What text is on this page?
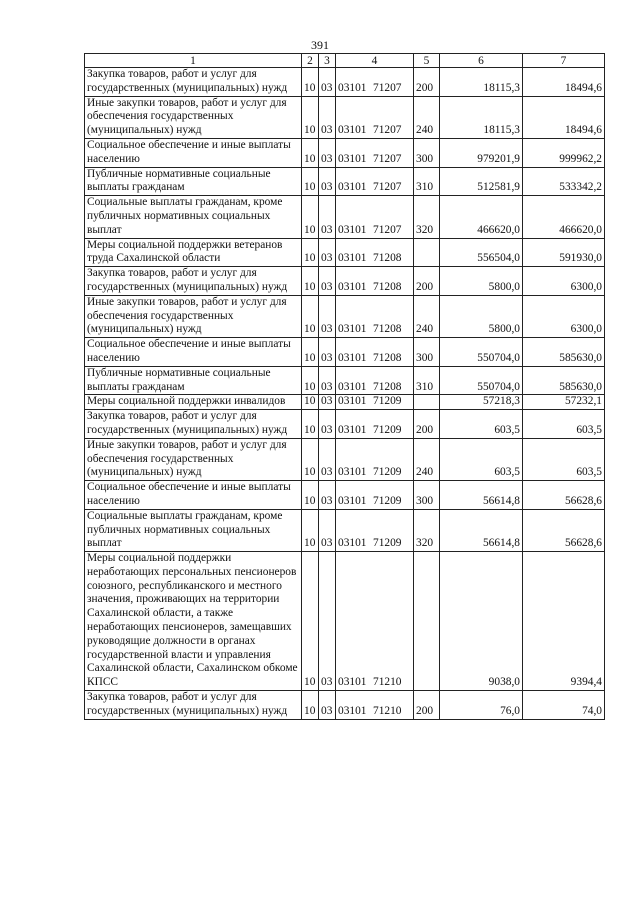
391
1	2	3	4	5	6	7
Закупка товаров, работ и услуг для государственных (муниципальных) нужд	10	03	03101 71207	200	18115,3	18494,6
Иные закупки товаров, работ и услуг для обеспечения государственных (муниципальных) нужд	10	03	03101 71207	240	18115,3	18494,6
Социальное обеспечение и иные выплаты населению	10	03	03101 71207	300	979201,9	999962,2
Публичные нормативные социальные выплаты гражданам	10	03	03101 71207	310	512581,9	533342,2
Социальные выплаты гражданам, кроме публичных нормативных социальных выплат	10	03	03101 71207	320	466620,0	466620,0
Меры социальной поддержки ветеранов труда Сахалинской области	10	03	03101 71208		556504,0	591930,0
Закупка товаров, работ и услуг для государственных (муниципальных) нужд	10	03	03101 71208	200	5800,0	6300,0
Иные закупки товаров, работ и услуг для обеспечения государственных (муниципальных) нужд	10	03	03101 71208	240	5800,0	6300,0
Социальное обеспечение и иные выплаты населению	10	03	03101 71208	300	550704,0	585630,0
Публичные нормативные социальные выплаты гражданам	10	03	03101 71208	310	550704,0	585630,0
Меры социальной поддержки инвалидов	10	03	03101 71209		57218,3	57232,1
Закупка товаров, работ и услуг для государственных (муниципальных) нужд	10	03	03101 71209	200	603,5	603,5
Иные закупки товаров, работ и услуг для обеспечения государственных (муниципальных) нужд	10	03	03101 71209	240	603,5	603,5
Социальное обеспечение и иные выплаты населению	10	03	03101 71209	300	56614,8	56628,6
Социальные выплаты гражданам, кроме публичных нормативных социальных выплат	10	03	03101 71209	320	56614,8	56628,6
Меры социальной поддержки неработающих персональных пенсионеров союзного, республиканского и местного значения, проживающих на территории Сахалинской области, а также неработающих пенсионеров, замещавших руководящие должности в органах государственной власти и управления Сахалинской области, Сахалинском обкоме КПСС	10	03	03101 71210		9038,0	9394,4
Закупка товаров, работ и услуг для государственных (муниципальных) нужд	10	03	03101 71210	200	76,0	74,0
